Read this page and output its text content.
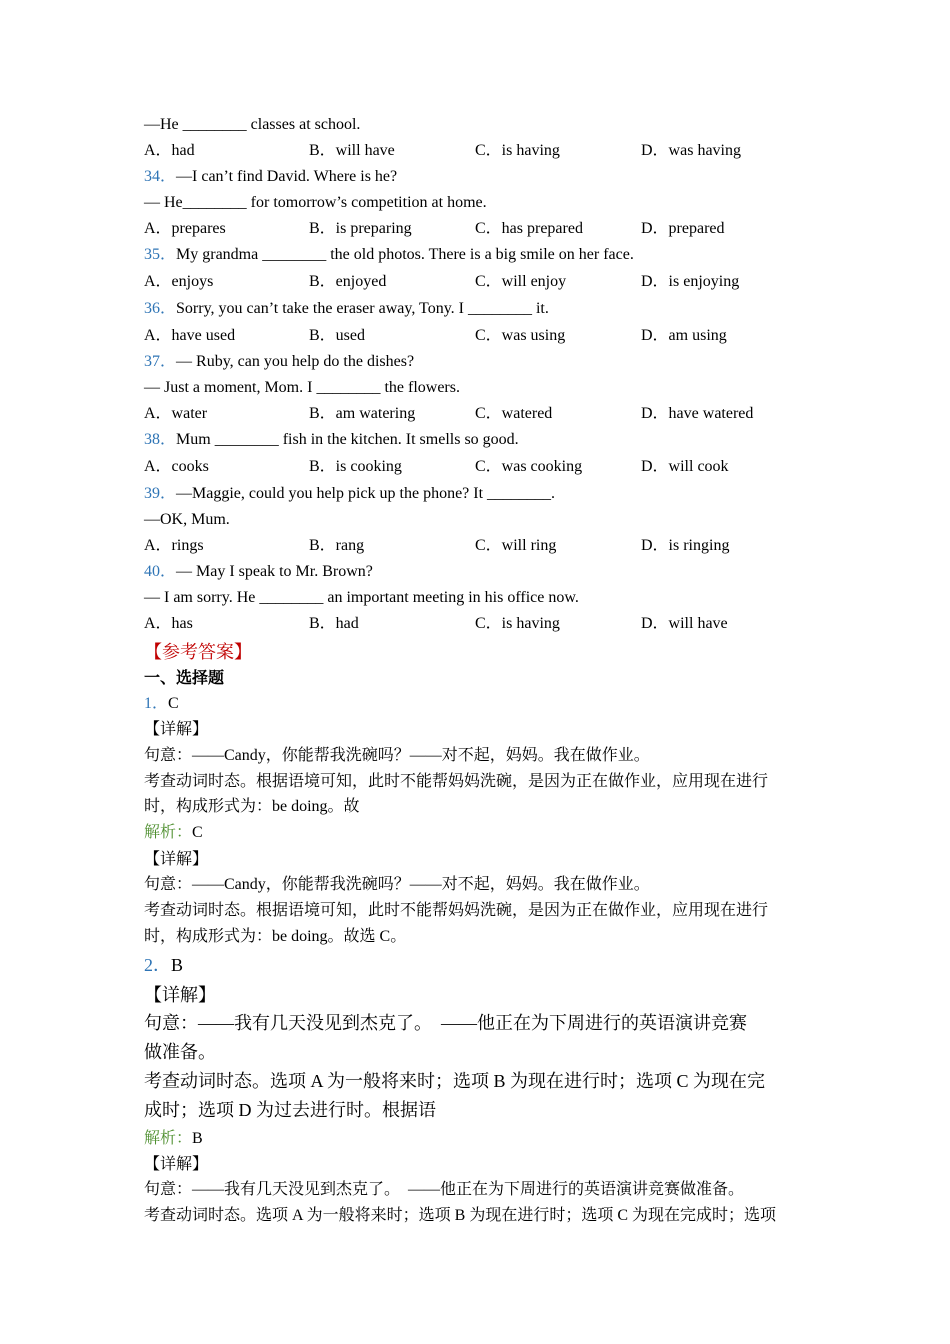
—He ________ classes at school.
A．had	B．will have	C．is having	D．was having
34．—I can’t find David. Where is he?
— He________ for tomorrow’s competition at home.
A．prepares	B．is preparing	C．has prepared	D．prepared
35．My grandma ________ the old photos. There is a big smile on her face.
A．enjoys	B．enjoyed	C．will enjoy	D．is enjoying
36．Sorry, you can’t take the eraser away, Tony. I ________ it.
A．have used	B．used	C．was using	D．am using
37．— Ruby, can you help do the dishes?
— Just a moment, Mom. I ________ the flowers.
A．water	B．am watering	C．watered	D．have watered
38．Mum ________ fish in the kitchen. It smells so good.
A．cooks	B．is cooking	C．was cooking	D．will cook
39．—Maggie, could you help pick up the phone? It ________.
—OK, Mum.
A．rings	B．rang	C．will ring	D．is ringing
40．— May I speak to Mr. Brown?
— I am sorry. He ________ an important meeting in his office now.
A．has	B．had	C．is having	D．will have
【参考答案】
一、选择题
1．C
【详解】
句意：——Candy，你能帮我洗碗吗？——对不起，妈妈。我在做作业。
考查动词时态。根据语境可知，此时不能帮妈妈洗碗，是因为正在做作业，应用现在进行
时，构成形式为：be doing。故
解析：C
【详解】
句意：——Candy，你能帮我洗碗吗？——对不起，妈妈。我在做作业。
考查动词时态。根据语境可知，此时不能帮妈妈洗碗，是因为正在做作业，应用现在进行
时，构成形式为：be doing。故选 C。
2．B
【详解】
句意：——我有几天没见到杰克了。　——他正在为下周进行的英语演讲竞赛
做准备。
考查动词时态。选项 A 为一般将来时；选项 B 为现在进行时；选项 C 为现在完
成时；选项 D 为过去进行时。根据语
解析：B
【详解】
句意：——我有几天没见到杰克了。　——他正在为下周进行的英语演讲竞赛做准备。
考查动词时态。选项 A 为一般将来时；选项 B 为现在进行时；选项 C 为现在完成时；选项
